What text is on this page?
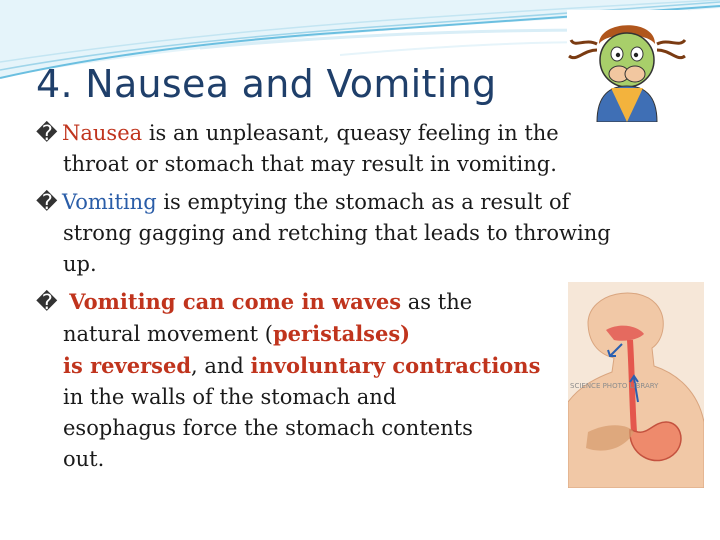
4. Nausea and Vomiting
� Nausea is an unpleasant, queasy feeling in the
throat or stomach that may result in vomiting.
� Vomiting is emptying the stomach as a result of
strong gagging and retching that leads to throwing
up.
� Vomiting can come in waves as the
natural movement (peristalses)
is reversed, and involuntary contractions
in the walls of the stomach and
esophagus force the stomach contents
out.
SCIENCE PHOTO LIBRARY
